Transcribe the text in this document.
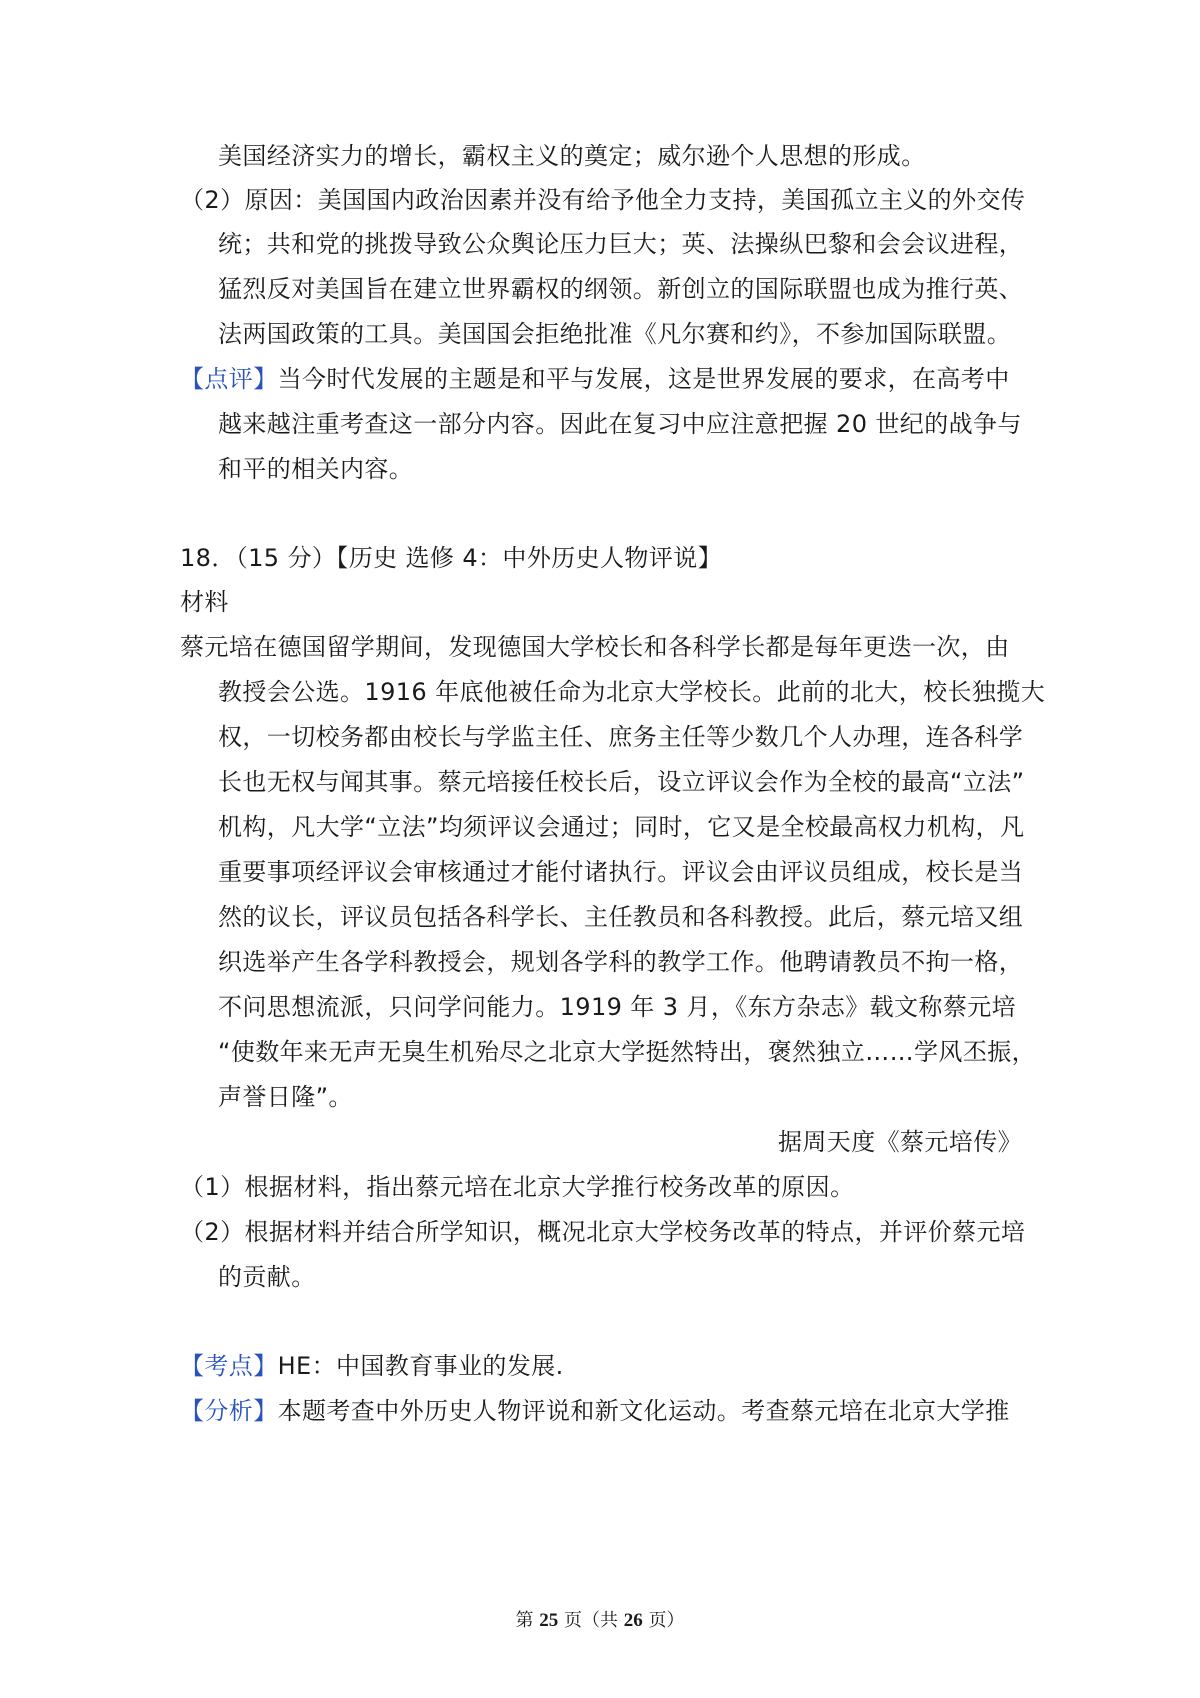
美国经济实力的增长，霸权主义的奠定；威尔逊个人思想的形成。
（2）原因：美国国内政治因素并没有给予他全力支持，美国孤立主义的外交传
统；共和党的挑拨导致公众舆论压力巨大；英、法操纵巴黎和会会议进程，
猛烈反对美国旨在建立世界霸权的纲领。新创立的国际联盟也成为推行英、
法两国政策的工具。美国国会拒绝批准《凡尔赛和约》，不参加国际联盟。
【点评】当今时代发展的主题是和平与发展，这是世界发展的要求，在高考中
越来越注重考查这一部分内容。因此在复习中应注意把握 20 世纪的战争与
和平的相关内容。
18．（15 分）【历史 选修 4：中外历史人物评说】
材料
蔡元培在德国留学期间，发现德国大学校长和各科学长都是每年更迭一次，由
教授会公选。1916 年底他被任命为北京大学校长。此前的北大，校长独揽大
权，一切校务都由校长与学监主任、庶务主任等少数几个人办理，连各科学
长也无权与闻其事。蔡元培接任校长后，设立评议会作为全校的最高“立法”
机构，凡大学“立法”均须评议会通过；同时，它又是全校最高权力机构，凡
重要事项经评议会审核通过才能付诸执行。评议会由评议员组成，校长是当
然的议长，评议员包括各科学长、主任教员和各科教授。此后，蔡元培又组
织选举产生各学科教授会，规划各学科的教学工作。他聘请教员不拘一格，
不问思想流派，只问学问能力。1919 年 3 月，《东方杂志》载文称蔡元培
“使数年来无声无臭生机殆尽之北京大学挺然特出，褒然独立……学风丕振，
声誉日隆”。
据周天度《蔡元培传》
（1）根据材料，指出蔡元培在北京大学推行校务改革的原因。
（2）根据材料并结合所学知识，概况北京大学校务改革的特点，并评价蔡元培
的贡献。
【考点】HE：中国教育事业的发展.
【分析】本题考查中外历史人物评说和新文化运动。考查蔡元培在北京大学推
第 25 页（共 26 页）
